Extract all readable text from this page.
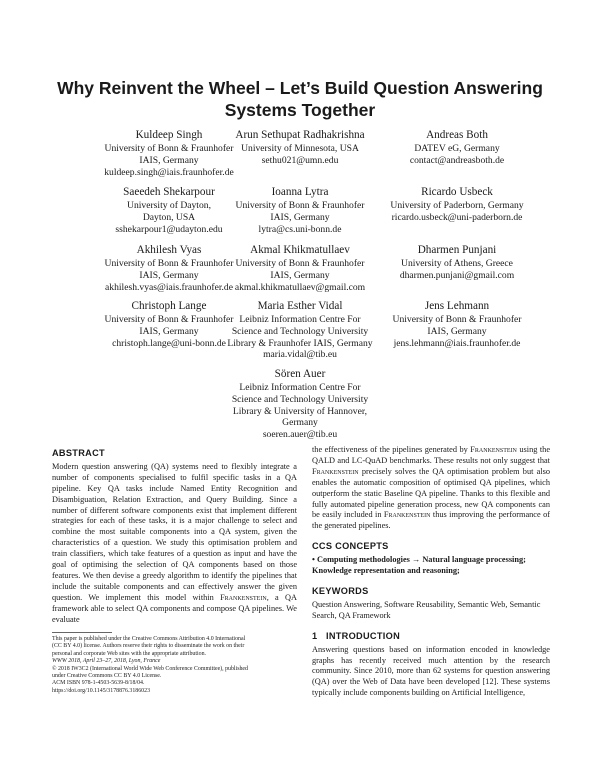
Why Reinvent the Wheel – Let’s Build Question Answering
Systems Together
Kuldeep Singh
University of Bonn & Fraunhofer
IAIS, Germany
kuldeep.singh@iais.fraunhofer.de
Arun Sethupat Radhakrishna
University of Minnesota, USA
sethu021@umn.edu
Andreas Both
DATEV eG, Germany
contact@andreasboth.de
Saeedeh Shekarpour
University of Dayton,
Dayton, USA
sshekarpour1@udayton.edu
Ioanna Lytra
University of Bonn & Fraunhofer
IAIS, Germany
lytra@cs.uni-bonn.de
Ricardo Usbeck
University of Paderborn, Germany
ricardo.usbeck@uni-paderborn.de
Akhilesh Vyas
University of Bonn & Fraunhofer
IAIS, Germany
akhilesh.vyas@iais.fraunhofer.de
Akmal Khikmatullaev
University of Bonn & Fraunhofer
IAIS, Germany
akmal.khikmatullaev@gmail.com
Dharmen Punjani
University of Athens, Greece
dharmen.punjani@gmail.com
Christoph Lange
University of Bonn & Fraunhofer
IAIS, Germany
christoph.lange@uni-bonn.de
Maria Esther Vidal
Leibniz Information Centre For
Science and Technology University
Library & Fraunhofer IAIS, Germany
maria.vidal@tib.eu
Jens Lehmann
University of Bonn & Fraunhofer
IAIS, Germany
jens.lehmann@iais.fraunhofer.de
Sören Auer
Leibniz Information Centre For
Science and Technology University
Library & University of Hannover,
Germany
soeren.auer@tib.eu
ABSTRACT

Modern question answering (QA) systems need to flexibly integrate a number of components specialised to fulfil specific tasks in a QA pipeline. Key QA tasks include Named Entity Recognition and Disambiguation, Relation Extraction, and Query Building. Since a number of different software components exist that implement different strategies for each of these tasks, it is a major challenge to select and combine the most suitable components into a QA system, given the characteristics of a question. We study this optimisation problem and train classifiers, which take features of a question as input and have the goal of optimising the selection of QA components based on those features. We then devise a greedy algorithm to identify the pipelines that include the suitable components and can effectively answer the given question. We implement this model within Frankenstein, a QA framework able to select QA components and compose QA pipelines. We evaluate

This paper is published under the Creative Commons Attribution 4.0 International
(CC BY 4.0) license. Authors reserve their rights to disseminate the work on their
personal and corporate Web sites with the appropriate attribution.
WWW 2018, April 23–27, 2018, Lyon, France
© 2018 IW3C2 (International World Wide Web Conference Committee), published
under Creative Commons CC BY 4.0 License.
ACM ISBN 978-1-4503-5639-8/18/04.
https://doi.org/10.1145/3178876.3186023

the effectiveness of the pipelines generated by Frankenstein using the QALD and LC-QuAD benchmarks. These results not only suggest that Frankenstein precisely solves the QA optimisation problem but also enables the automatic composition of optimised QA pipelines, which outperform the static Baseline QA pipeline. Thanks to this flexible and fully automated pipeline generation process, new QA components can be easily included in Frankenstein thus improving the performance of the generated pipelines.

CCS CONCEPTS

• Computing methodologies → Natural language processing; Knowledge representation and reasoning;

KEYWORDS

Question Answering, Software Reusability, Semantic Web, Semantic Search, QA Framework

1   INTRODUCTION

Answering questions based on information encoded in knowledge graphs has recently received much attention by the research community. Since 2010, more than 62 systems for question answering (QA) over the Web of Data have been developed [12]. These systems typically include components building on Artificial Intelligence,
